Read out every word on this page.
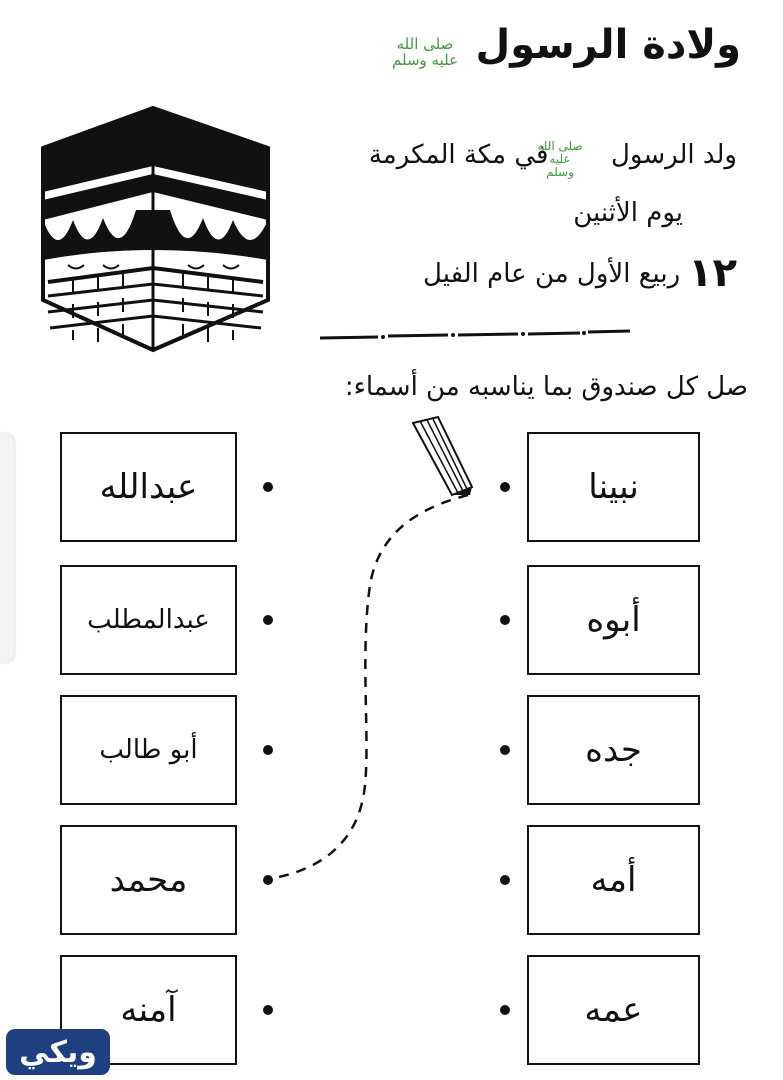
ولادة الرسول
صلى الله عليه وسلم
ولد الرسول  في مكة المكرمة
صلى الله عليه وسلم
يوم الأثنين
١٢ربيع الأول من عام الفيل
صل كل صندوق بما يناسبه من أسماء:
عبدالله
عبدالمطلب
أبو طالب
محمد
آمنه
نبينا
أبوه
جده
أمه
عمه
ويكي
